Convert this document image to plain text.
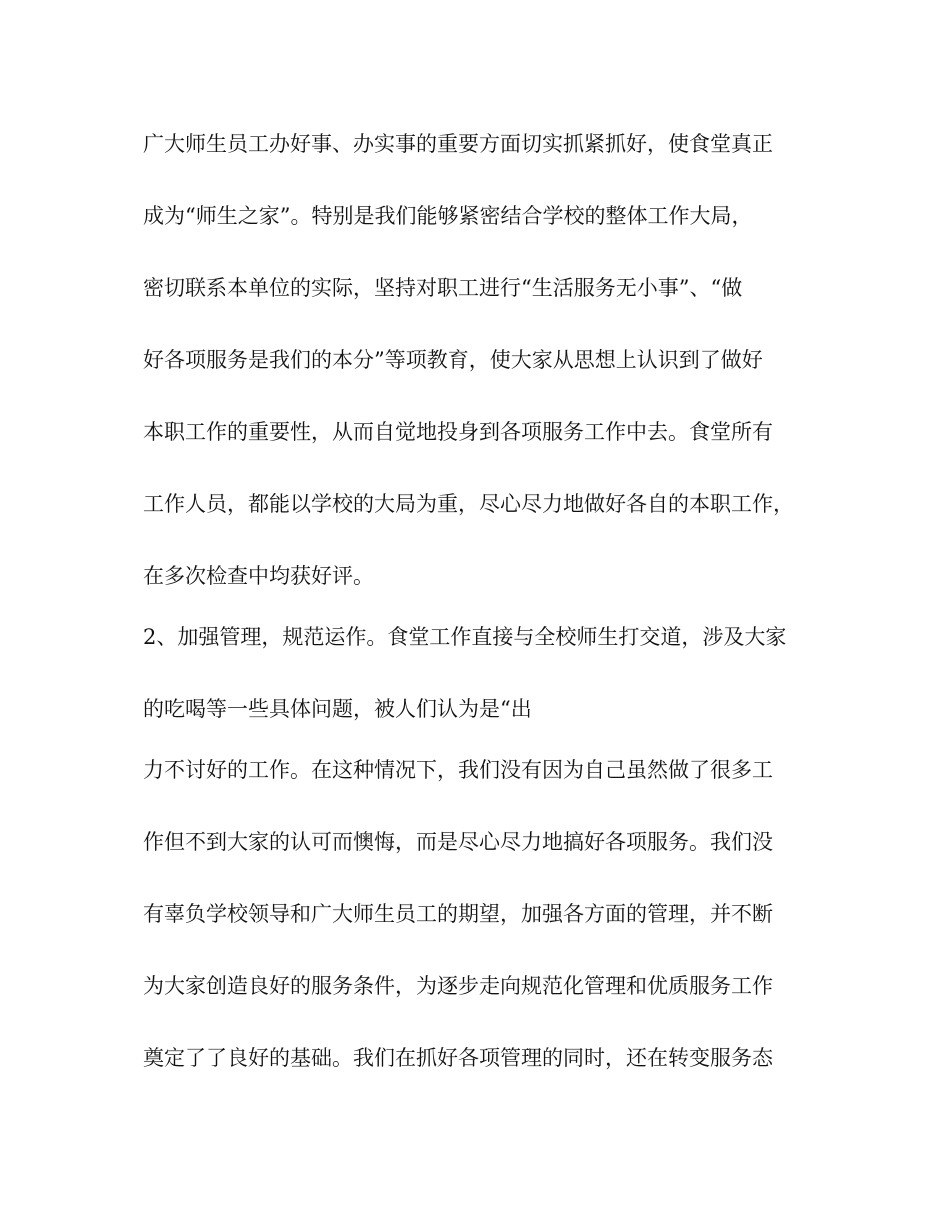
广大师生员工办好事、办实事的重要方面切实抓紧抓好，使食堂真正

成为“师生之家”。特别是我们能够紧密结合学校的整体工作大局，

密切联系本单位的实际，坚持对职工进行“生活服务无小事”、“做

好各项服务是我们的本分”等项教育，使大家从思想上认识到了做好

本职工作的重要性，从而自觉地投身到各项服务工作中去。食堂所有

工作人员，都能以学校的大局为重，尽心尽力地做好各自的本职工作，

在多次检查中均获好评。

2、加强管理，规范运作。食堂工作直接与全校师生打交道，涉及大家

的吃喝等一些具体问题，被人们认为是“出

力不讨好的工作。在这种情况下，我们没有因为自己虽然做了很多工

作但不到大家的认可而懊悔，而是尽心尽力地搞好各项服务。我们没

有辜负学校领导和广大师生员工的期望，加强各方面的管理，并不断

为大家创造良好的服务条件，为逐步走向规范化管理和优质服务工作

奠定了了良好的基础。我们在抓好各项管理的同时，还在转变服务态
